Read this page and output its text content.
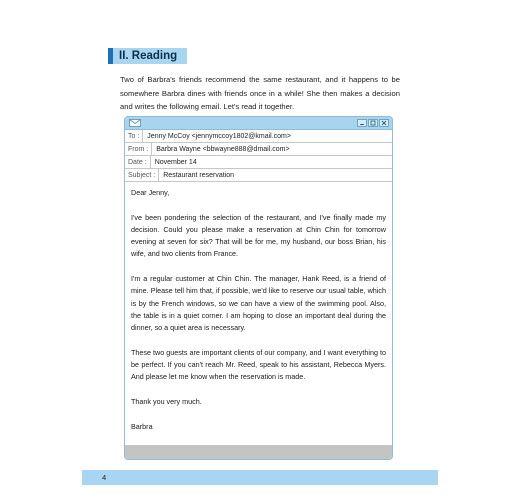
II. Reading

Two of Barbra's friends recommend the same restaurant, and it happens to be somewhere Barbra dines with friends once in a while! She then makes a decision and writes the following email. Let's read it together.

To :	Jenny McCoy <jennymccoy1802@kmail.com>
From :	Barbra Wayne <bbwayne888@dmail.com>
Date :	November 14
Subject :	Restaurant reservation

Dear Jenny,

I've been pondering the selection of the restaurant, and I've finally made my decision. Could you please make a reservation at Chin Chin for tomorrow evening at seven for six? That will be for me, my husband, our boss Brian, his wife, and two clients from France.

I'm a regular customer at Chin Chin. The manager, Hank Reed, is a friend of mine. Please tell him that, if possible, we'd like to reserve our usual table, which is by the French windows, so we can have a view of the swimming pool. Also, the table is in a quiet corner. I am hoping to close an important deal during the dinner, so a quiet area is necessary.

These two guests are important clients of our company, and I want everything to be perfect. If you can't reach Mr. Reed, speak to his assistant, Rebecca Myers. And please let me know when the reservation is made.

Thank you very much.

Barbra

4
